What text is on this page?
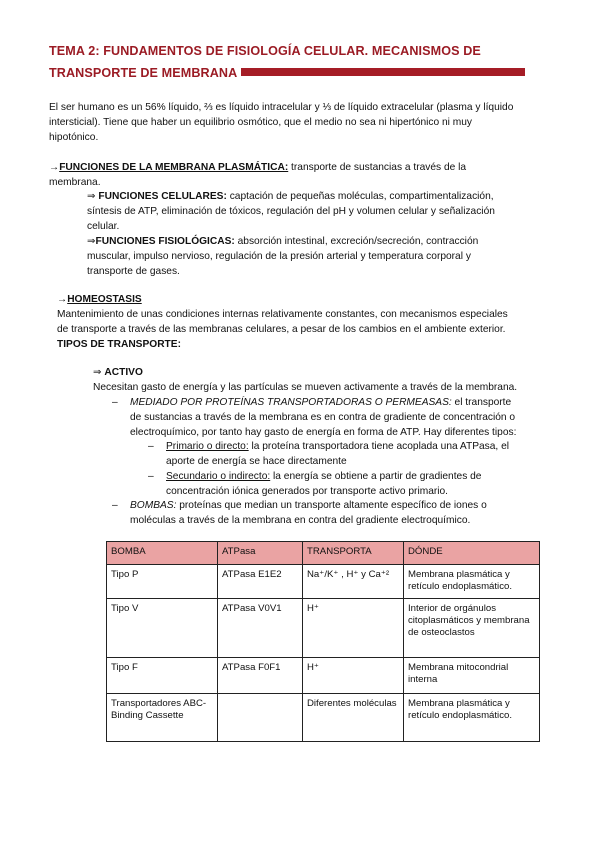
TEMA 2: FUNDAMENTOS DE FISIOLOGÍA CELULAR. MECANISMOS DE
TRANSPORTE DE MEMBRANA
El ser humano es un 56% líquido, ⅔ es líquido intracelular y ⅓ de líquido extracelular (plasma y líquido
intersticial). Tiene que haber un equilibrio osmótico, que el medio no sea ni hipertónico ni muy
hipotónico.
→FUNCIONES DE LA MEMBRANA PLASMÁTICA: transporte de sustancias a través de la
membrana.
⇒ FUNCIONES CELULARES: captación de pequeñas moléculas, compartimentalización,
síntesis de ATP, eliminación de tóxicos, regulación del pH y volumen celular y señalización
celular.
⇒FUNCIONES FISIOLÓGICAS: absorción intestinal, excreción/secreción, contracción
muscular, impulso nervioso, regulación de la presión arterial y temperatura corporal y
transporte de gases.
→HOMEOSTASIS
Mantenimiento de unas condiciones internas relativamente constantes, con mecanismos especiales
de transporte a través de las membranas celulares, a pesar de los cambios en el ambiente exterior.
TIPOS DE TRANSPORTE:
⇒ ACTIVO
Necesitan gasto de energía y las partículas se mueven activamente a través de la membrana.
– MEDIADO POR PROTEÍNAS TRANSPORTADORAS O PERMEASAS: el transporte
de sustancias a través de la membrana es en contra de gradiente de concentración o
electroquímico, por tanto hay gasto de energía en forma de ATP. Hay diferentes tipos:
– Primario o directo: la proteína transportadora tiene acoplada una ATPasa, el
aporte de energía se hace directamente
– Secundario o indirecto: la energía se obtiene a partir de gradientes de
concentración iónica generados por transporte activo primario.
– BOMBAS: proteínas que median un transporte altamente específico de iones o
moléculas a través de la membrana en contra del gradiente electroquímico.
BOMBA	ATPasa	TRANSPORTA	DÓNDE
Tipo P	ATPasa E1E2	Na⁺/K⁺ , H⁺ y Ca⁺²	Membrana plasmática y retículo endoplasmático.
Tipo V	ATPasa V0V1	H⁺	Interior de orgánulos citoplasmáticos y membrana de osteoclastos
Tipo F	ATPasa F0F1	H⁺	Membrana mitocondrial interna
Transportadores ABC-Binding Cassette		Diferentes moléculas	Membrana plasmática y retículo endoplasmático.
